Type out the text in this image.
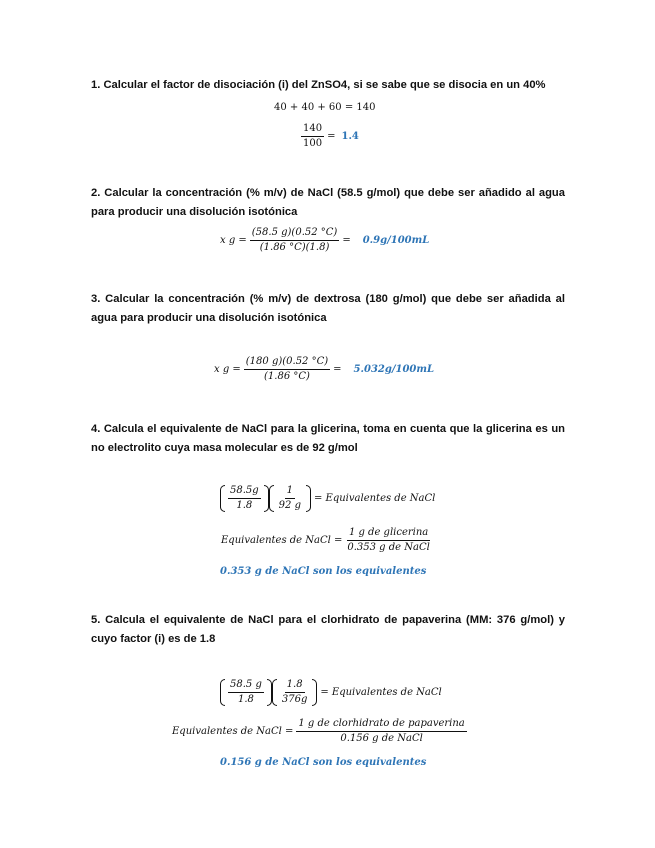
1. Calcular el factor de disociación (i) del ZnSO4, si se sabe que se disocia en un 40%

40 + 40 + 60 = 140
$\frac{140}{100} = 1.4$

2. Calcular la concentración (% m/v) de NaCl (58.5 g/mol) que debe ser añadido al agua para producir una disolución isotónica

x $g = \frac{(58.5 g)(0.52 ^\circ C)}{(1.86 ^\circ C)(1.8)} = 0.9g/100mL$

3. Calcular la concentración (% m/v) de dextrosa (180 g/mol) que debe ser añadida al agua para producir una disolución isotónica

x $g = \frac{(180 g)(0.52 ^\circ C)}{(1.86 ^\circ C)} = 5.032g/100mL$

4. Calcula el equivalente de NaCl para la glicerina, toma en cuenta que la glicerina es un no electrolito cuya masa molecular es de 92 g/mol

$\frac{58.5g}{1.8} \frac{1}{92 g}$ = Equivalentes de NaCl
Equivalentes de NaCl = $\frac{\text{1 g de glicerina}}{\text{0.353 g de NaCl}}$
0.353 g de NaCl son los equivalentes

5. Calcula el equivalente de NaCl para el clorhidrato de papaverina (MM: 376 g/mol) y cuyo factor (i) es de 1.8

$\frac{58.5 g}{1.8} \frac{1.8}{376g}$ = Equivalentes de NaCl
Equivalentes de NaCl = $\frac{\text{1 g de clorhidrato de papaverina}}{\text{0.156 g de NaCl}}$
0.156 g de NaCl son los equivalentes
